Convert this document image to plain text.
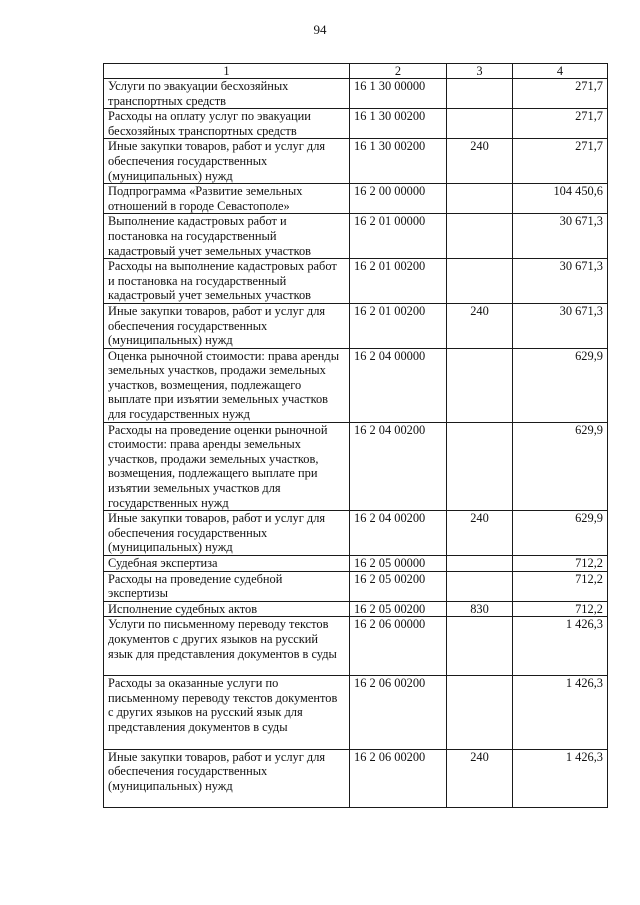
94
1	2	3	4
Услуги по эвакуации бесхозяйных транспортных средств	16 1 30 00000		271,7
Расходы на оплату услуг по эвакуации бесхозяйных транспортных средств	16 1 30 00200		271,7
Иные закупки товаров, работ и услуг для обеспечения государственных (муниципальных) нужд	16 1 30 00200	240	271,7
Подпрограмма «Развитие земельных отношений в городе Севастополе»	16 2 00 00000		104 450,6
Выполнение кадастровых работ и постановка на государственный кадастровый учет земельных участков	16 2 01 00000		30 671,3
Расходы на выполнение кадастровых работ и постановка на государственный кадастровый учет земельных участков	16 2 01 00200		30 671,3
Иные закупки товаров, работ и услуг для обеспечения государственных (муниципальных) нужд	16 2 01 00200	240	30 671,3
Оценка рыночной стоимости: права аренды земельных участков, продажи земельных участков, возмещения, подлежащего выплате при изъятии земельных участков для государственных нужд	16 2 04 00000		629,9
Расходы на проведение оценки рыночной стоимости: права аренды земельных участков, продажи земельных участков, возмещения, подлежащего выплате при изъятии земельных участков для государственных нужд	16 2 04 00200		629,9
Иные закупки товаров, работ и услуг для обеспечения государственных (муниципальных) нужд	16 2 04 00200	240	629,9
Судебная экспертиза	16 2 05 00000		712,2
Расходы на проведение судебной экспертизы	16 2 05 00200		712,2
Исполнение судебных актов	16 2 05 00200	830	712,2
Услуги по письменному переводу текстов документов с других языков на русский язык для представления документов в суды	16 2 06 00000		1 426,3
Расходы за оказанные услуги по письменному переводу текстов документов с других языков на русский язык для представления документов в суды	16 2 06 00200		1 426,3
Иные закупки товаров, работ и услуг для обеспечения государственных (муниципальных) нужд	16 2 06 00200	240	1 426,3
